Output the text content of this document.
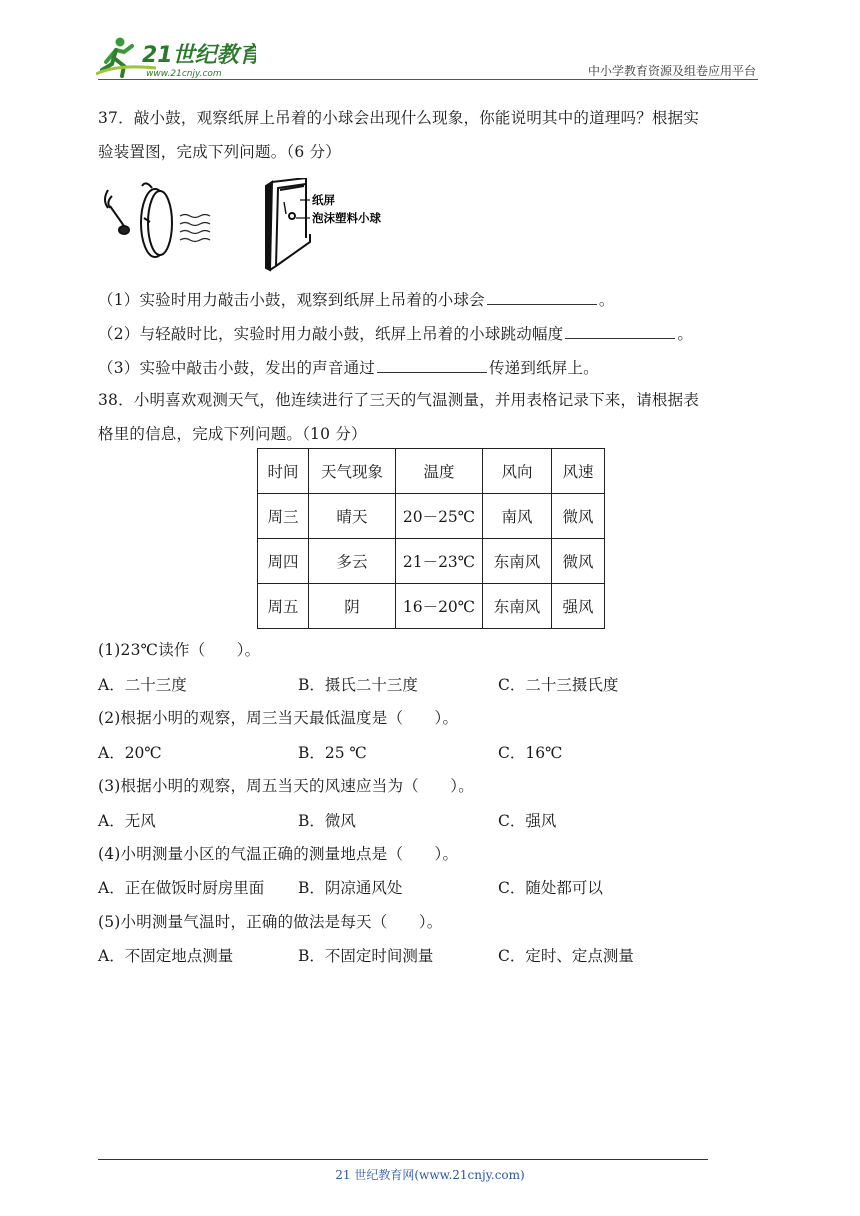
21世纪教育
www.21cnjy.com	中小学教育资源及组卷应用平台
37．敲小鼓，观察纸屏上吊着的小球会出现什么现象，你能说明其中的道理吗？根据实
验装置图，完成下列问题。（6 分）
纸屏
泡沫塑料小球
（1）实验时用力敲击小鼓，观察到纸屏上吊着的小球会	。
（2）与轻敲时比，实验时用力敲小鼓，纸屏上吊着的小球跳动幅度	。
（3）实验中敲击小鼓，发出的声音通过	传递到纸屏上。
38．小明喜欢观测天气，他连续进行了三天的气温测量，并用表格记录下来，请根据表
格里的信息，完成下列问题。（10 分）
时间	天气现象	温度	风向	风速
周三	晴天	20－25℃	南风	微风
周四	多云	21－23℃	东南风	微风
周五	阴	16－20℃	东南风	强风
(1)23℃读作（　　）。
A．二十三度	B．摄氏二十三度	C．二十三摄氏度
(2)根据小明的观察，周三当天最低温度是（　　）。
A．20℃	B．25 ℃	C．16℃
(3)根据小明的观察，周五当天的风速应当为（　　）。
A．无风	B．微风	C．强风
(4)小明测量小区的气温正确的测量地点是（　　）。
A．正在做饭时厨房里面 B．阴凉通风处	C．随处都可以
(5)小明测量气温时，正确的做法是每天（　　）。
A．不固定地点测量	B．不固定时间测量	C．定时、定点测量
21 世纪教育网(www.21cnjy.com)
